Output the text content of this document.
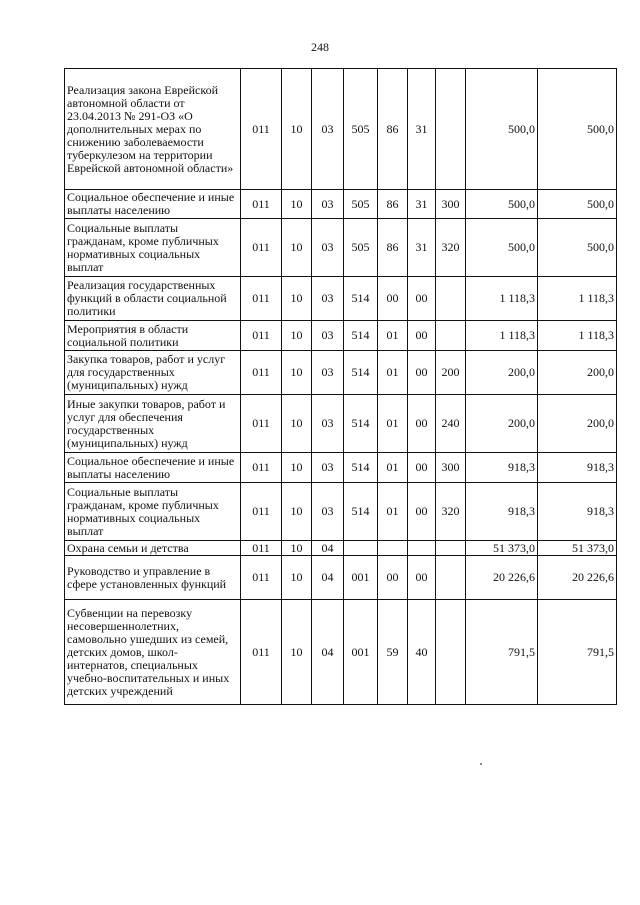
248
Реализация закона Еврейской автономной области от 23.04.2013 № 291-ОЗ «О дополнительных мерах по снижению заболеваемости туберкулезом на территории Еврейской автономной области»	011	10	03	505	86	31		500,0	500,0
Социальное обеспечение и иные выплаты населению	011	10	03	505	86	31	300	500,0	500,0
Социальные выплаты гражданам, кроме публичных нормативных социальных выплат	011	10	03	505	86	31	320	500,0	500,0
Реализация государственных функций в области социальной политики	011	10	03	514	00	00		1 118,3	1 118,3
Мероприятия в области социальной политики	011	10	03	514	01	00		1 118,3	1 118,3
Закупка товаров, работ и услуг для государственных (муниципальных) нужд	011	10	03	514	01	00	200	200,0	200,0
Иные закупки товаров, работ и услуг для обеспечения государственных (муниципальных) нужд	011	10	03	514	01	00	240	200,0	200,0
Социальное обеспечение и иные выплаты населению	011	10	03	514	01	00	300	918,3	918,3
Социальные выплаты гражданам, кроме публичных нормативных социальных выплат	011	10	03	514	01	00	320	918,3	918,3
Охрана семьи и детства	011	10	04					51 373,0	51 373,0
Руководство и управление в сфере установленных функций	011	10	04	001	00	00		20 226,6	20 226,6
Субвенции на перевозку несовершеннолетних, самовольно ушедших из семей, детских домов, школ-интернатов, специальных учебно-воспитательных и иных детских учреждений	011	10	04	001	59	40		791,5	791,5
